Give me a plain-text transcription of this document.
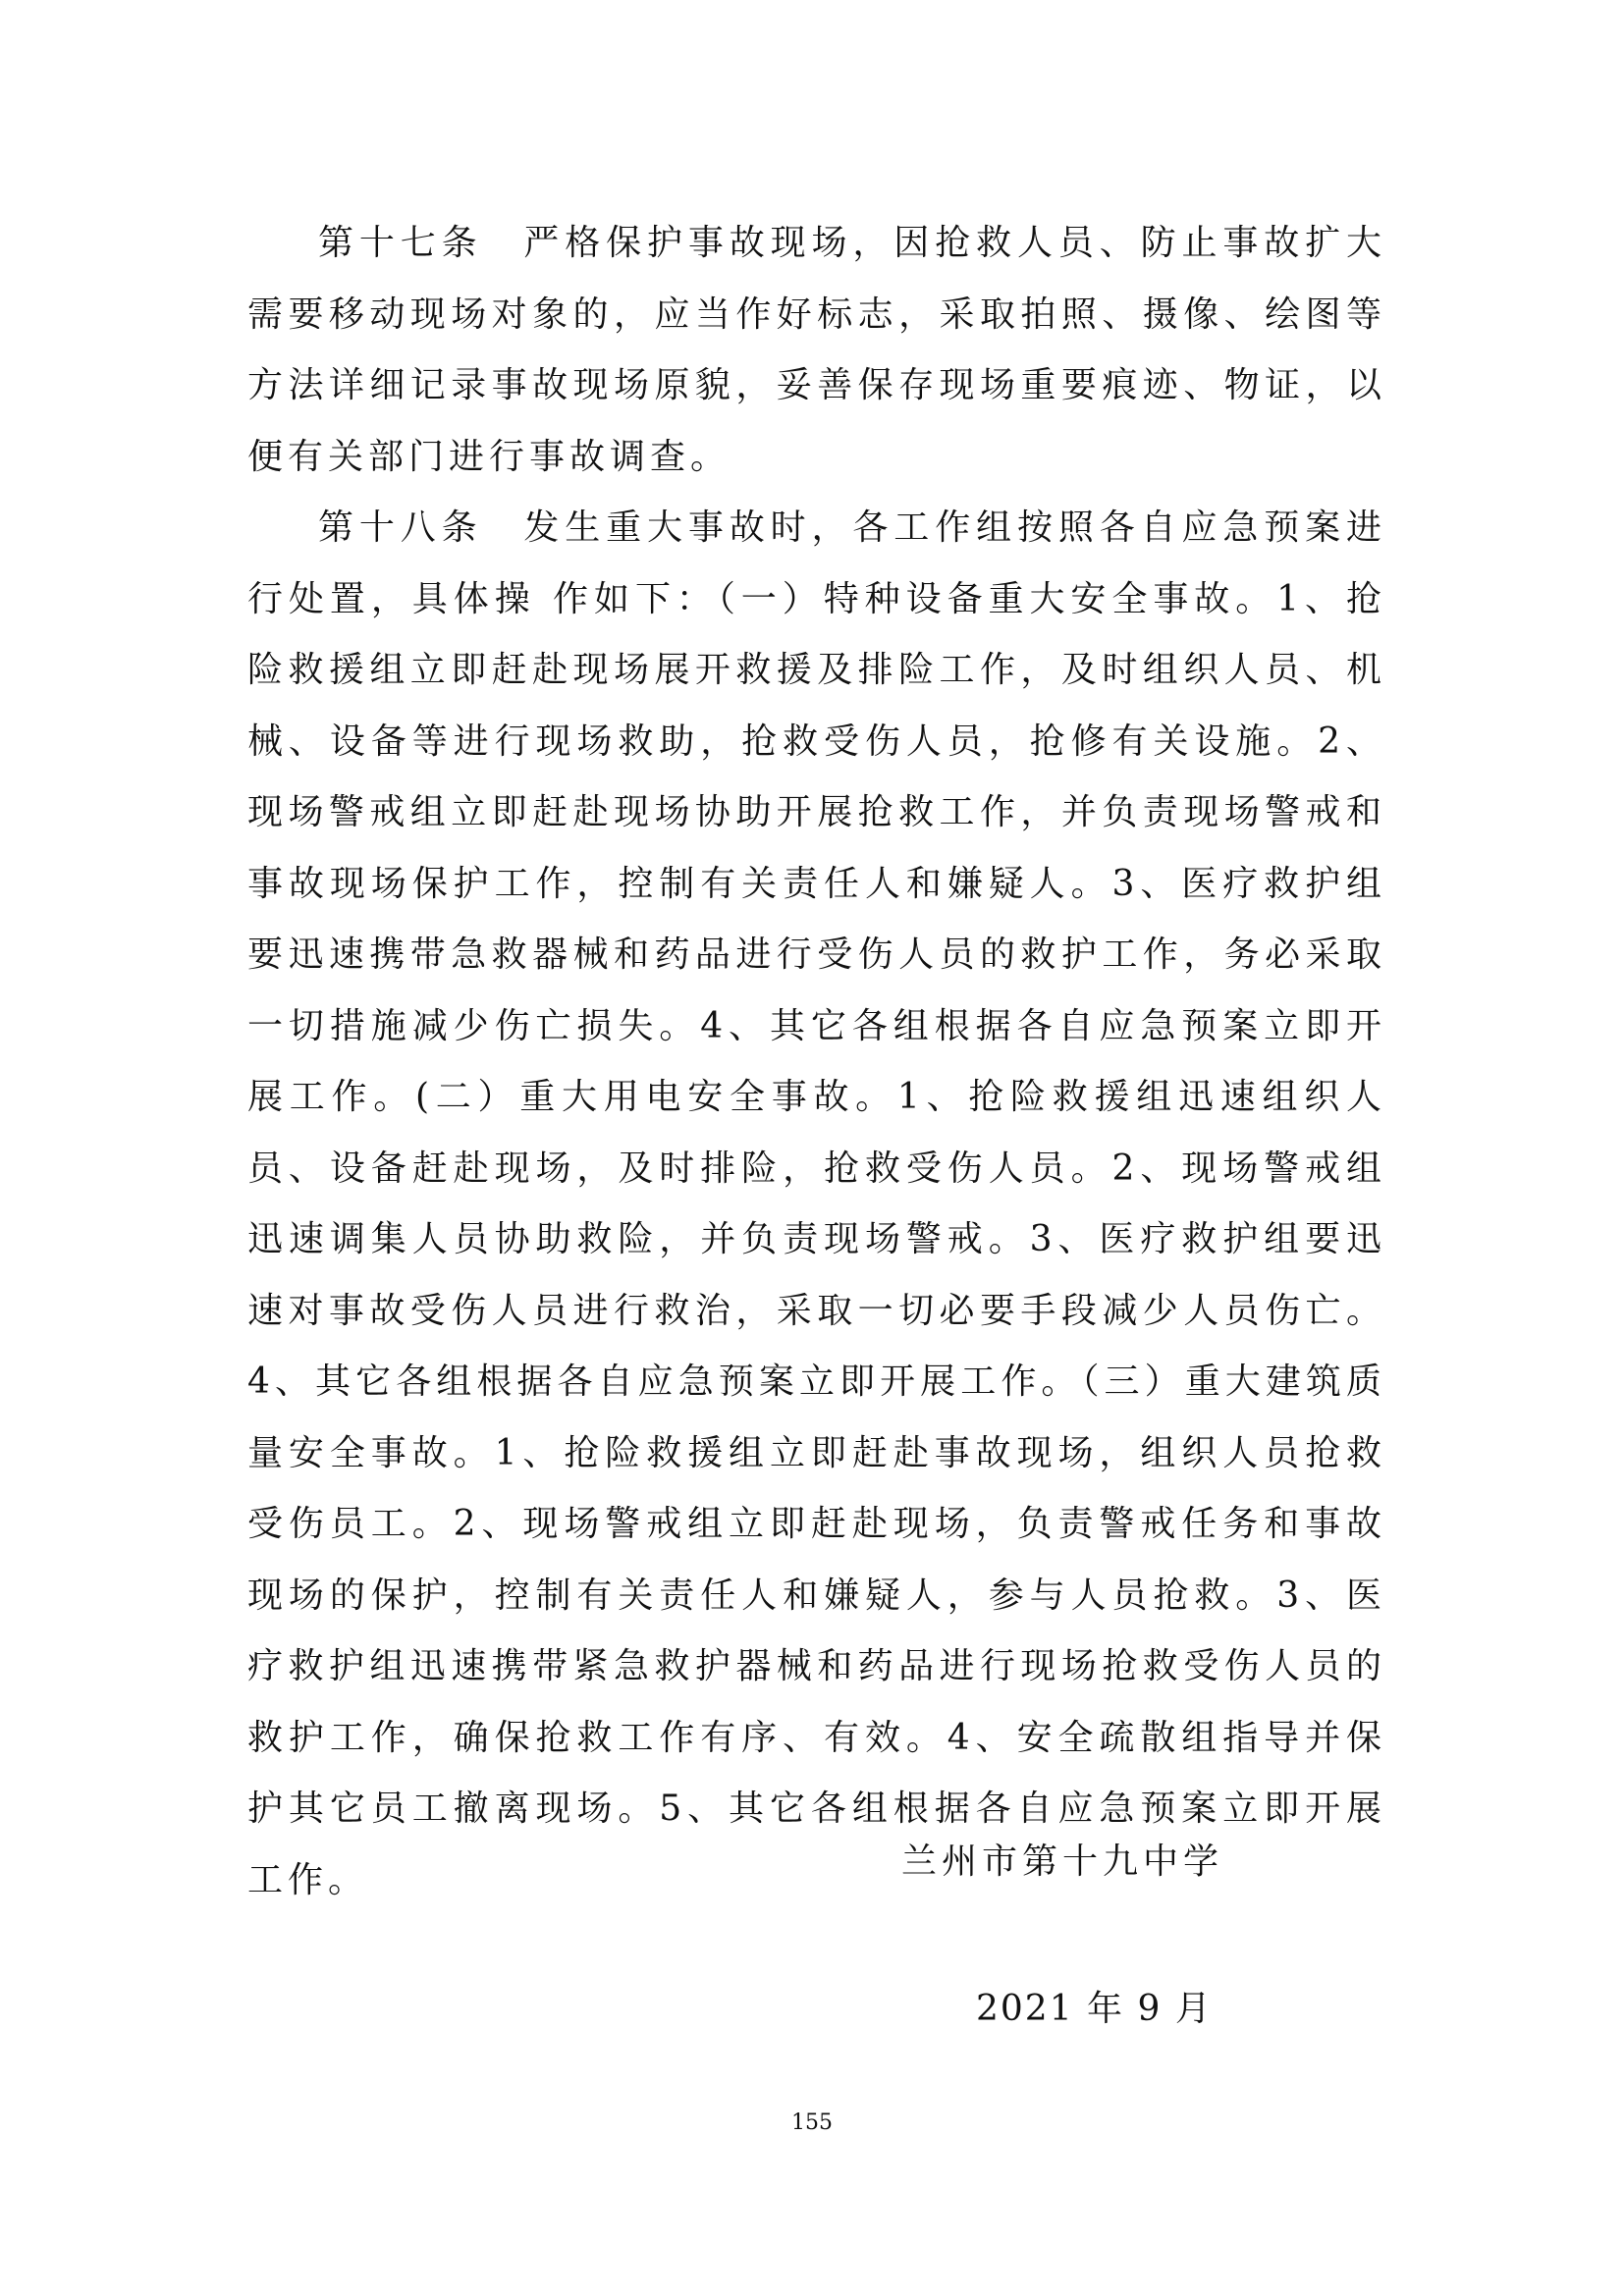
第十七条　严格保护事故现场，因抢救人员、防止事故扩大需要移动现场对象的，应当作好标志，采取拍照、摄像、绘图等方法详细记录事故现场原貌，妥善保存现场重要痕迹、物证，以便有关部门进行事故调查。

第十八条　发生重大事故时，各工作组按照各自应急预案进行处置，具体操 作如下：（一）特种设备重大安全事故。1、抢险救援组立即赶赴现场展开救援及排险工作，及时组织人员、机械、设备等进行现场救助，抢救受伤人员，抢修有关设施。2、现场警戒组立即赶赴现场协助开展抢救工作，并负责现场警戒和事故现场保护工作，控制有关责任人和嫌疑人。3、医疗救护组要迅速携带急救器械和药品进行受伤人员的救护工作，务必采取一切措施减少伤亡损失。4、其它各组根据各自应急预案立即开展工作。(二）重大用电安全事故。1、抢险救援组迅速组织人员、设备赶赴现场，及时排险，抢救受伤人员。2、现场警戒组迅速调集人员协助救险，并负责现场警戒。3、医疗救护组要迅速对事故受伤人员进行救治，采取一切必要手段减少人员伤亡。4、其它各组根据各自应急预案立即开展工作。（三）重大建筑质量安全事故。1、抢险救援组立即赶赴事故现场，组织人员抢救受伤员工。2、现场警戒组立即赶赴现场，负责警戒任务和事故现场的保护，控制有关责任人和嫌疑人，参与人员抢救。3、医疗救护组迅速携带紧急救护器械和药品进行现场抢救受伤人员的救护工作，确保抢救工作有序、有效。4、安全疏散组指导并保护其它员工撤离现场。5、其它各组根据各自应急预案立即开展工作。	兰州市第十九中学
2021 年 9 月
155
